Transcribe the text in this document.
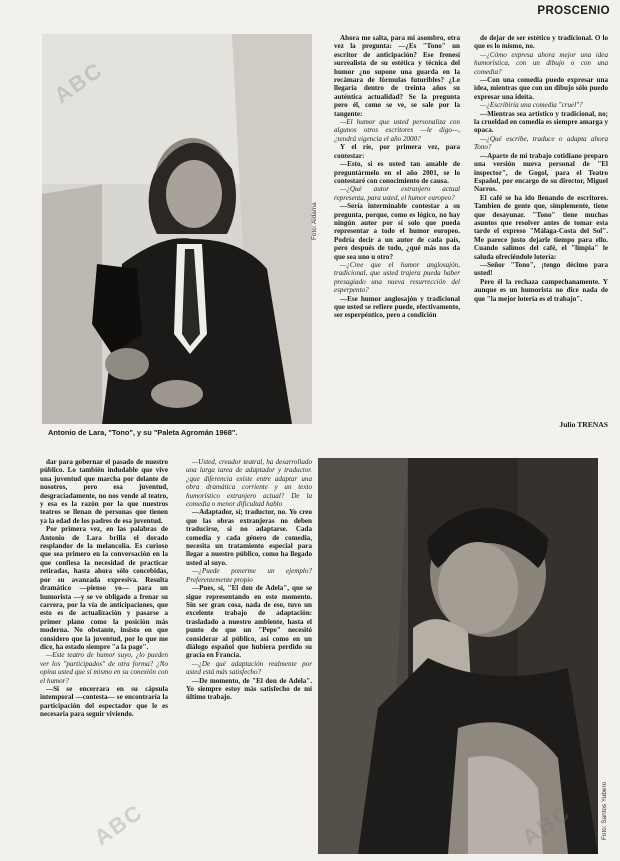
PROSCENIO
Foto: Aldama
Antonio de Lara, "Tono", y su "Paleta Agromán 1968".

Ahora me salta, para mi asombro, otra vez la pregunta: —¿Es "Tono" un escritor de anticipación? Ese frenesí surrealista de su estética y técnica del humor ¿no supone una guarda en la recámara de fórmulas futuribles? ¿Le llegaría dentro de treinta años su auténtica actualidad? Se la pregunta pero él, como se ve, se sale por la tangente:

—El humor que usted personaliza con algunos otros escritores —le digo—, ¿tendrá vigencia el año 2000?

Y el ríe, por primera vez, para contestar:

—Esto, si es usted tan amable de preguntármelo en el año 2001, se lo contestaré con conocimiento de causa.

—¿Qué autor extranjero actual representa, para usted, el humor europeo?

—Sería interminable contestar a su pregunta, porque, como es lógico, no hay ningún autor por sí solo que pueda representar a todo el humor europeo. Podría decir a un autor de cada país, pero después de todo, ¿qué más nos da que sea uno u otro?

—¿Cree que el humor anglosajón, tradicional, que usted trajera pueda haber presagiado una nueva resurrección del esperpento?

—Ese humor anglosajón y tradicional que usted se refiere puede, efectivamente, ser esperpéntico, pero a condición

de dejar de ser estético y tradicional. O lo que es lo mismo, no.

—¿Cómo expresa ahora mejor una idea humorística, con un dibujo o con una comedia?

—Con una comedia puedo expresar una idea, mientras que con un dibujo sólo puedo expresar una ideíta.

—¿Escribiría una comedia "cruel"?

—Mientras sea artístico y tradicional, no; la crueldad en comedia es siempre amarga y opaca.

—¿Qué escribe, traduce o adapta ahora Tono?

—Aparte de mi trabajo cotidiano preparo una versión nueva personal de "El inspector", de Gogol, para el Teatro Español, por encargo de su director, Miguel Narros.

El café se ha ido llenando de escritores. Tambien de gente que, simplemente, tiene que desayunar. "Tono" tiene muchas asuntos que resolver antes de tomar esta tarde el expreso "Málaga-Costa del Sol". Me parece justo dejarle tiempo para ello. Cuando salimos del café, el "limpia" le saluda ofreciéndole lotería:

—Señor "Tono", ¡tengo décimo para usted!

Pero él la rechaza campechanamente. Y aunque es un humorista no dice nada de que "la mejor lotería es el trabajo".

Julio TRENAS

dar para gobernar el pasado de nuestro público. Lo también indudable que vive una juventud que marcha por delante de nosotros, pero esa juventud, desgraciadamente, no nos vende al teatro, y esa es la razón por la que nuestros teatros se llenan de personas que tienen ya la edad de los padres de esa juventud.

Por primera vez, en las palabras de Antonio de Lara brilla el dorado resplandor de la melancolía. Es curioso que sea primero en la conversación en la que confiesa la necesidad de practicar retiradas, hasta ahora sólo concebidas, por su avanzada expresiva. Resulta dramático —pienso yo— para un humorista —y se ve obligado a frenar su carrera, por la vía de anticipaciones, que esto es de actualización y pasarse a primer plano como la posición más moderna. No obstante, insisto en que considero que la juventud, por lo que me dice, ha estado siempre "a la page".

—Este teatro de humor suyo, ¿lo pueden ver los "participados" de otra forma? ¿No opina usted que sí mismo en su conexión con el humor?

—Si se encerrara en su cápsula intemporal —contesta— se encontraría la participación del espectador que le es necesaria para seguir viviendo.

—Usted, creador teatral, ha desarrollado una larga tarea de adaptador y traductor. ¿que diferencia existe entre adaptar una obra dramática corriente y un texto humorístico extranjero actual? De la comedia o menor dificultad hablo

—Adaptador, sí; traductor, no. Yo creo que las obras extranjeras no deben traducirse, si no adaptarse. Cada comedia y cada género de comedia, necesita un tratamiento especial para llegar a nuestro público, como ha llegado usted al suyo.

—¿Puede ponerme un ejemplo? Preferentemente propio

—Pues, sí, "El don de Adela", que se sigue representando en este momento. Sin ser gran cosa, nada de eso, tuvo un excelente trabajo de adaptación: trasladado a nuestro ambiente, hasta el punto de que un "Pepe" necesitó considerar al público, así como en un diálogo español que hubiera perdido su gracia en Francia.

—¿De qué adaptación realmente por usted está más satisfecho?

—De momento, de "El don de Adela". Yo siempre estoy más satisfecho de mi último trabajo.

Foto: Santos Yubero
ABC
ABC	ABC
